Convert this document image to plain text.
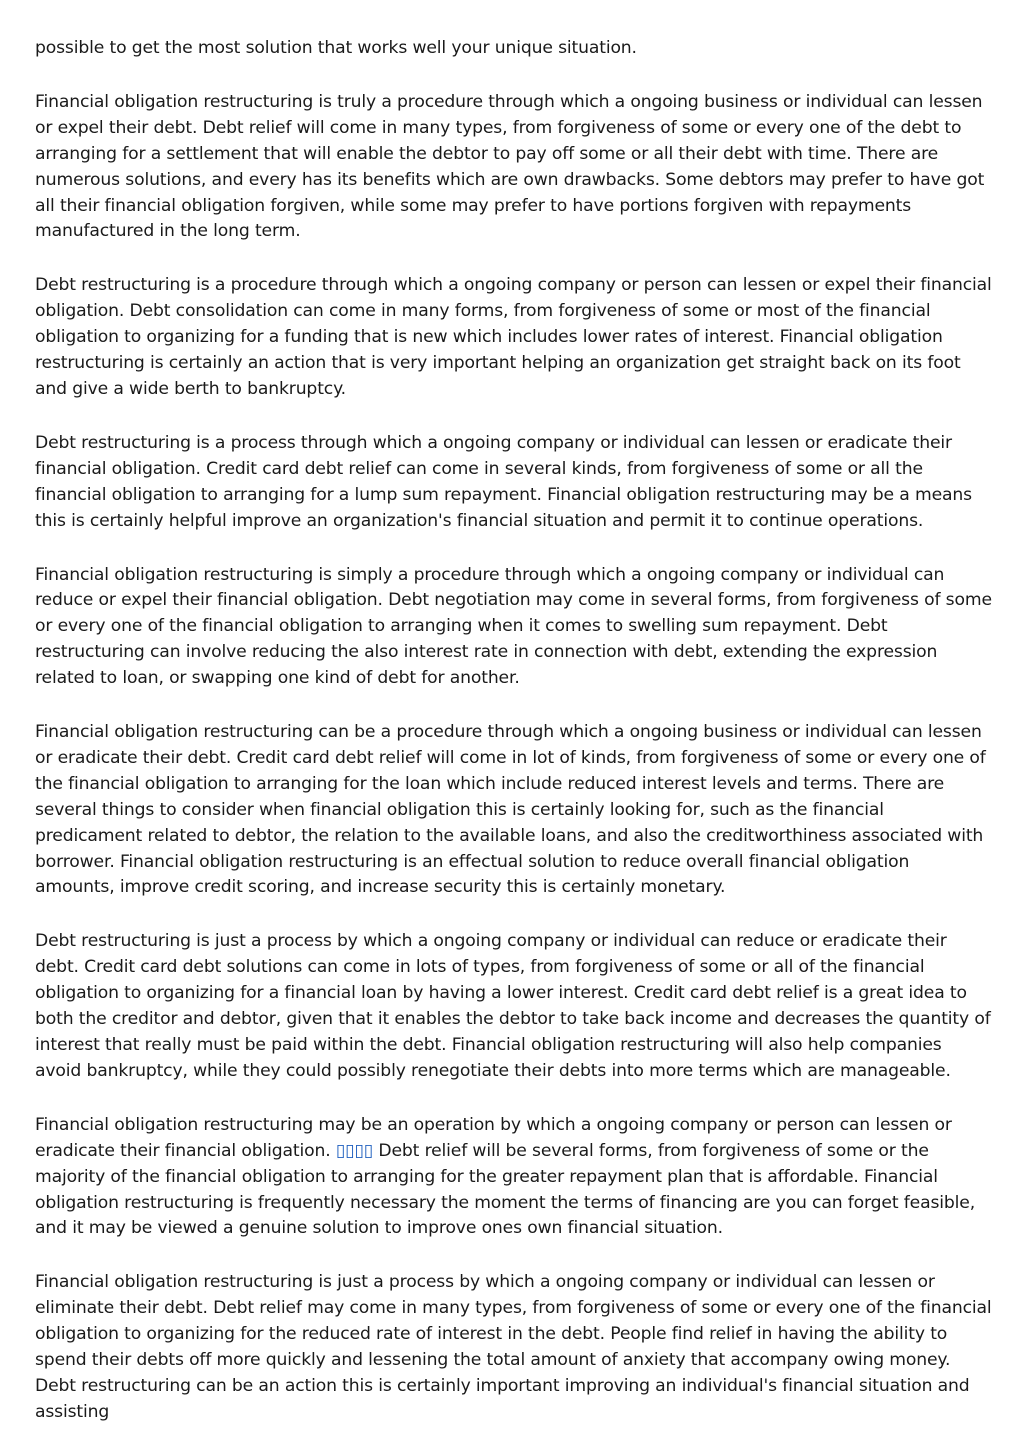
possible to get the most solution that works well your unique situation.

Financial obligation restructuring is truly a procedure through which a ongoing business or individual can lessen or expel their debt. Debt relief will come in many types, from forgiveness of some or every one of the debt to arranging for a settlement that will enable the debtor to pay off some or all their debt with time. There are numerous solutions, and every has its benefits which are own drawbacks. Some debtors may prefer to have got all their financial obligation forgiven, while some may prefer to have portions forgiven with repayments manufactured in the long term.

Debt restructuring is a procedure through which a ongoing company or person can lessen or expel their financial obligation. Debt consolidation can come in many forms, from forgiveness of some or most of the financial obligation to organizing for a funding that is new which includes lower rates of interest. Financial obligation restructuring is certainly an action that is very important helping an organization get straight back on its foot and give a wide berth to bankruptcy.

Debt restructuring is a process through which a ongoing company or individual can lessen or eradicate their financial obligation. Credit card debt relief can come in several kinds, from forgiveness of some or all the financial obligation to arranging for a lump sum repayment. Financial obligation restructuring may be a means this is certainly helpful improve an organization's financial situation and permit it to continue operations.

Financial obligation restructuring is simply a procedure through which a ongoing company or individual can reduce or expel their financial obligation. Debt negotiation may come in several forms, from forgiveness of some or every one of the financial obligation to arranging when it comes to swelling sum repayment. Debt restructuring can involve reducing the also interest rate in connection with debt, extending the expression related to loan, or swapping one kind of debt for another.

Financial obligation restructuring can be a procedure through which a ongoing business or individual can lessen or eradicate their debt. Credit card debt relief will come in lot of kinds, from forgiveness of some or every one of the financial obligation to arranging for the loan which include reduced interest levels and terms. There are several things to consider when financial obligation this is certainly looking for, such as the financial predicament related to debtor, the relation to the available loans, and also the creditworthiness associated with borrower. Financial obligation restructuring is an effectual solution to reduce overall financial obligation amounts, improve credit scoring, and increase security this is certainly monetary.

Debt restructuring is just a process by which a ongoing company or individual can reduce or eradicate their debt. Credit card debt solutions can come in lots of types, from forgiveness of some or all of the financial obligation to organizing for a financial loan by having a lower interest. Credit card debt relief is a great idea to both the creditor and debtor, given that it enables the debtor to take back income and decreases the quantity of interest that really must be paid within the debt. Financial obligation restructuring will also help companies avoid bankruptcy, while they could possibly renegotiate their debts into more terms which are manageable.

Financial obligation restructuring may be an operation by which a ongoing company or person can lessen or eradicate their financial obligation. ▯▯▯▯ Debt relief will be several forms, from forgiveness of some or the majority of the financial obligation to arranging for the greater repayment plan that is affordable. Financial obligation restructuring is frequently necessary the moment the terms of financing are you can forget feasible, and it may be viewed a genuine solution to improve ones own financial situation.

Financial obligation restructuring is just a process by which a ongoing company or individual can lessen or eliminate their debt. Debt relief may come in many types, from forgiveness of some or every one of the financial obligation to organizing for the reduced rate of interest in the debt. People find relief in having the ability to spend their debts off more quickly and lessening the total amount of anxiety that accompany owing money. Debt restructuring can be an action this is certainly important improving an individual's financial situation and assisting
